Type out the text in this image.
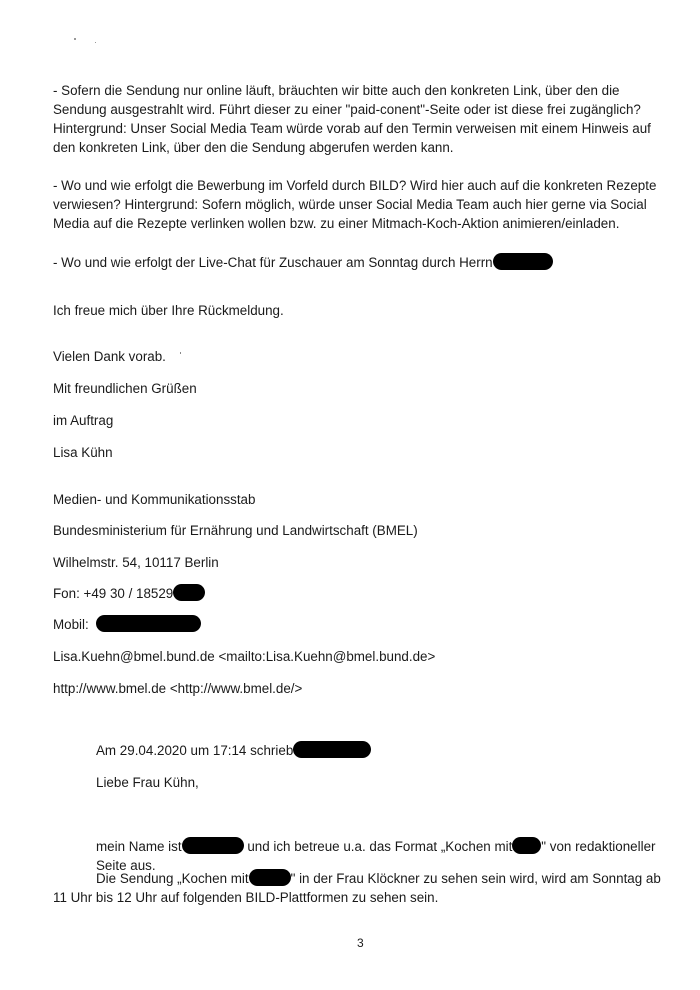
- Sofern die Sendung nur online läuft, bräuchten wir bitte auch den konkreten Link, über den die Sendung ausgestrahlt wird. Führt dieser zu einer "paid-conent"-Seite oder ist diese frei zugänglich? Hintergrund: Unser Social Media Team würde vorab auf den Termin verweisen mit einem Hinweis auf den konkreten Link, über den die Sendung abgerufen werden kann.

- Wo und wie erfolgt die Bewerbung im Vorfeld durch BILD? Wird hier auch auf die konkreten Rezepte verwiesen? Hintergrund: Sofern möglich, würde unser Social Media Team auch hier gerne via Social Media auf die Rezepte verlinken wollen bzw. zu einer Mitmach-Koch-Aktion animieren/einladen.

- Wo und wie erfolgt der Live-Chat für Zuschauer am Sonntag durch Herrn

Ich freue mich über Ihre Rückmeldung.

Vielen Dank vorab.

Mit freundlichen Grüßen

im Auftrag

Lisa Kühn

Medien- und Kommunikationsstab

Bundesministerium für Ernährung und Landwirtschaft (BMEL)

Wilhelmstr. 54, 10117 Berlin

Fon: +49 30 / 18529

Mobil:

Lisa.Kuehn@bmel.bund.de <mailto:Lisa.Kuehn@bmel.bund.de>

http://www.bmel.de <http://www.bmel.de/>

Am 29.04.2020 um 17:14 schrieb

Liebe Frau Kühn,

mein Name ist	und ich betreue u.a. das Format „Kochen mit " von redaktioneller Seite aus.

Die Sendung „Kochen mit	" in der Frau Klöckner zu sehen sein wird, wird am Sonntag ab 11 Uhr bis 12 Uhr auf folgenden BILD-Plattformen zu sehen sein.

3
